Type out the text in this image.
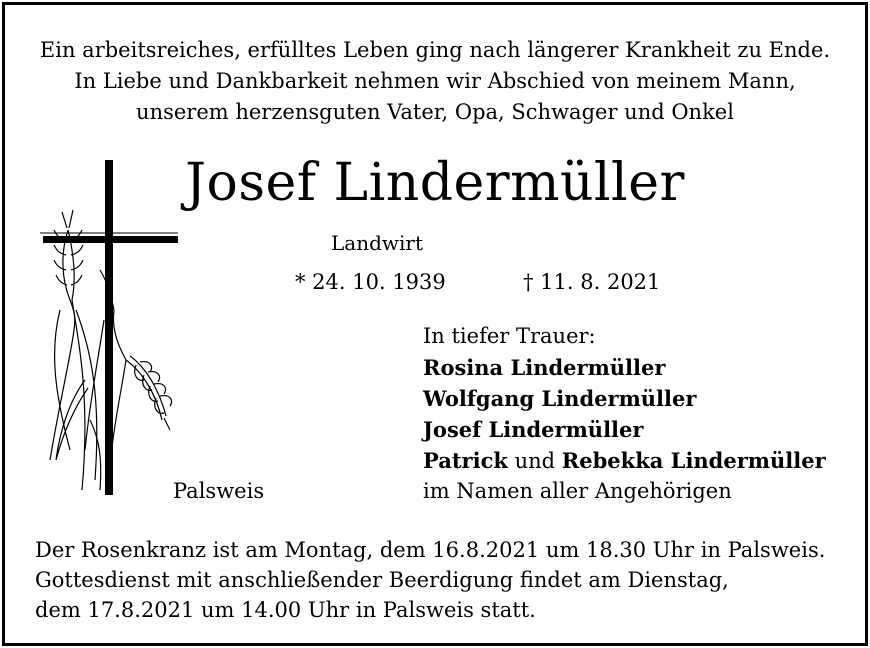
Ein arbeitsreiches, erfülltes Leben ging nach längerer Krankheit zu Ende.
In Liebe und Dankbarkeit nehmen wir Abschied von meinem Mann,
unserem herzensguten Vater, Opa, Schwager und Onkel
Josef Lindermüller
Landwirt
* 24. 10. 1939	† 11. 8. 2021
In tiefer Trauer:
Rosina Lindermüller
Wolfgang Lindermüller
Josef Lindermüller
Patrick und Rebekka Lindermüller
im Namen aller Angehörigen
Palsweis
Der Rosenkranz ist am Montag, dem 16.8.2021 um 18.30 Uhr in Palsweis.
Gottesdienst mit anschließender Beerdigung findet am Dienstag,
dem 17.8.2021 um 14.00 Uhr in Palsweis statt.
